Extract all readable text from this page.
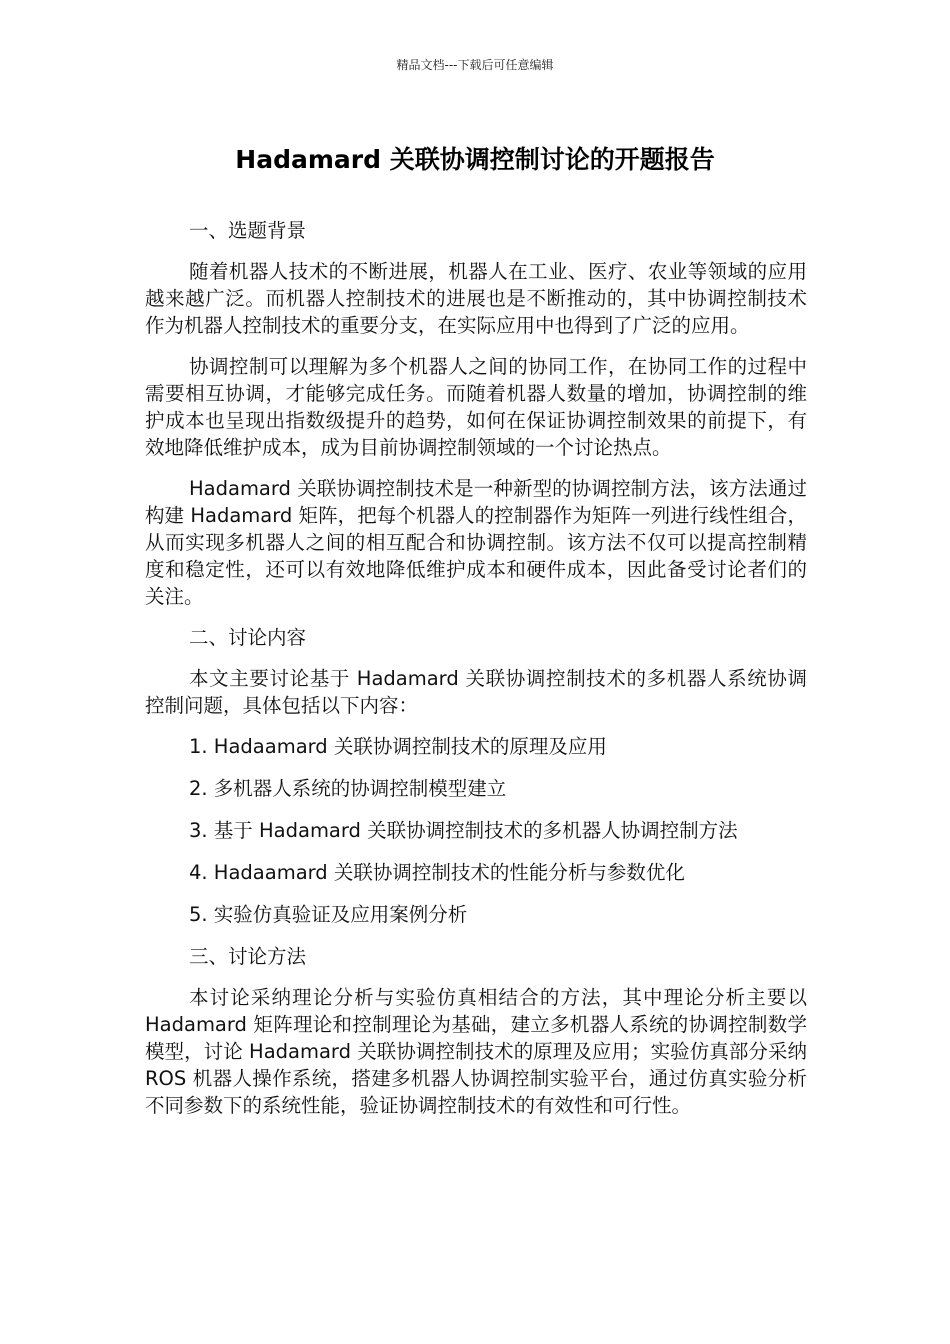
精品文档---下载后可任意编辑
Hadamard 关联协调控制讨论的开题报告
一、选题背景

随着机器人技术的不断进展，机器人在工业、医疗、农业等领域的应用越来越广泛。而机器人控制技术的进展也是不断推动的，其中协调控制技术作为机器人控制技术的重要分支，在实际应用中也得到了广泛的应用。

协调控制可以理解为多个机器人之间的协同工作，在协同工作的过程中需要相互协调，才能够完成任务。而随着机器人数量的增加，协调控制的维护成本也呈现出指数级提升的趋势，如何在保证协调控制效果的前提下，有效地降低维护成本，成为目前协调控制领域的一个讨论热点。

Hadamard 关联协调控制技术是一种新型的协调控制方法，该方法通过构建 Hadamard 矩阵，把每个机器人的控制器作为矩阵一列进行线性组合，从而实现多机器人之间的相互配合和协调控制。该方法不仅可以提高控制精度和稳定性，还可以有效地降低维护成本和硬件成本，因此备受讨论者们的关注。

二、讨论内容

本文主要讨论基于 Hadamard 关联协调控制技术的多机器人系统协调控制问题，具体包括以下内容：

1. Hadaamard 关联协调控制技术的原理及应用
2. 多机器人系统的协调控制模型建立
3. 基于 Hadamard 关联协调控制技术的多机器人协调控制方法
4. Hadaamard 关联协调控制技术的性能分析与参数优化
5. 实验仿真验证及应用案例分析
三、讨论方法

本讨论采纳理论分析与实验仿真相结合的方法，其中理论分析主要以 Hadamard 矩阵理论和控制理论为基础，建立多机器人系统的协调控制数学模型，讨论 Hadamard 关联协调控制技术的原理及应用；实验仿真部分采纳 ROS 机器人操作系统，搭建多机器人协调控制实验平台，通过仿真实验分析不同参数下的系统性能，验证协调控制技术的有效性和可行性。
